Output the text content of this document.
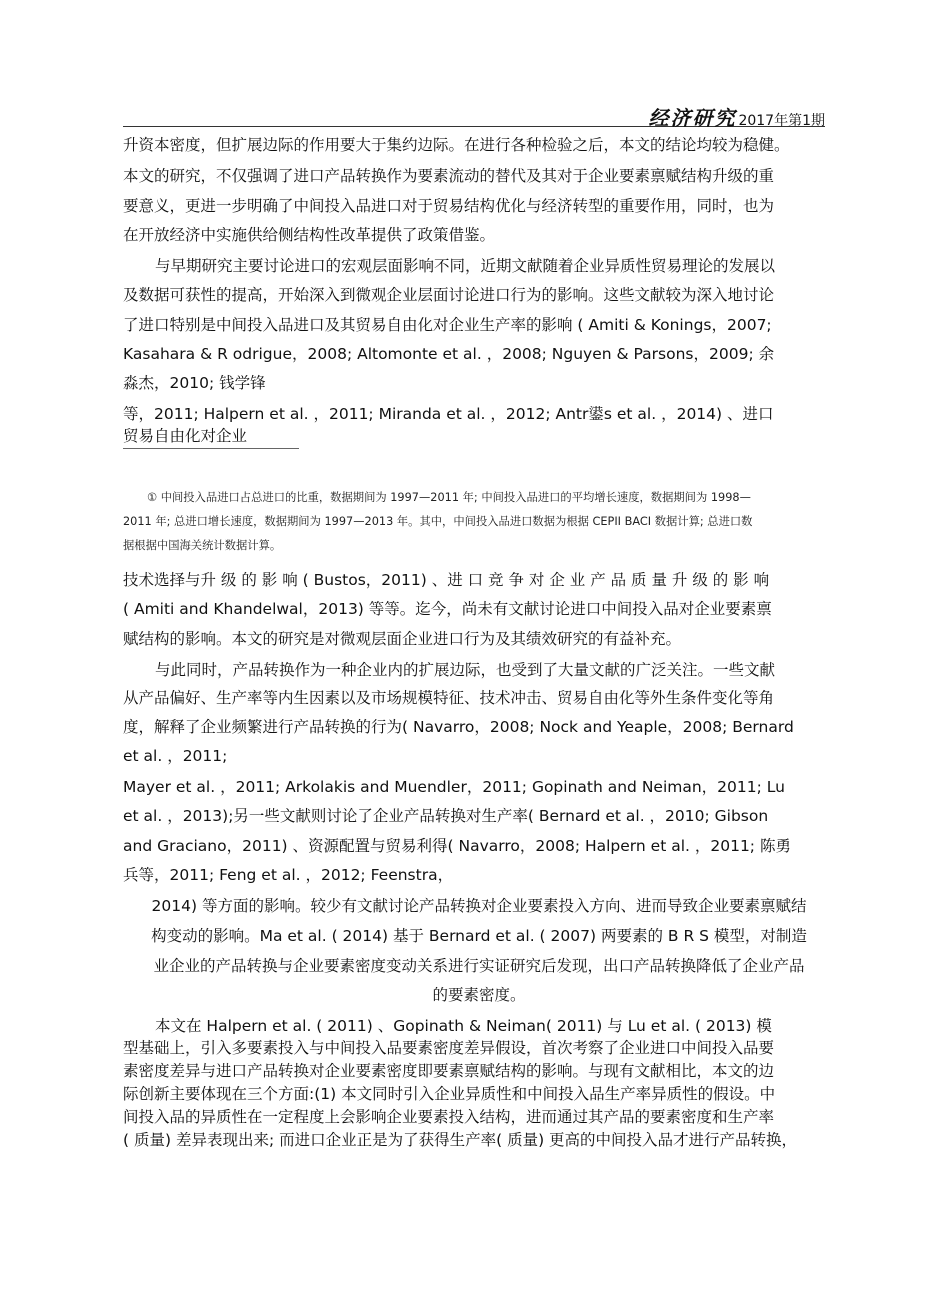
经济研究 2017年第1期
升资本密度，但扩展边际的作用要大于集约边际。在进行各种检验之后，本文的结论均较为稳健。
本文的研究，不仅强调了进口产品转换作为要素流动的替代及其对于企业要素禀赋结构升级的重
要意义，更进一步明确了中间投入品进口对于贸易结构优化与经济转型的重要作用，同时，也为
在开放经济中实施供给侧结构性改革提供了政策借鉴。
与早期研究主要讨论进口的宏观层面影响不同，近期文献随着企业异质性贸易理论的发展以
及数据可获性的提高，开始深入到微观企业层面讨论进口行为的影响。这些文献较为深入地讨论
了进口特别是中间投入品进口及其贸易自由化对企业生产率的影响 ( Amiti & Konings，2007;
Kasahara & R odrigue，2008; Altomonte et al. ，2008; Nguyen & Parsons，2009; 余
淼杰，2010; 钱学锋
等，2011; Halpern et al. ，2011; Miranda et al. ，2012; Antr鍙s et al. ，2014) 、进口
贸易自由化对企业
① 中间投入品进口占总进口的比重，数据期间为 1997—2011 年; 中间投入品进口的平均增长速度，数据期间为 1998—
2011 年; 总进口增长速度，数据期间为 1997—2013 年。其中，中间投入品进口数据为根据 CEPII BACI 数据计算; 总进口数
据根据中国海关统计数据计算。
技术选择与升 级 的 影 响 ( Bustos，2011) 、进 口 竞 争 对 企 业 产 品 质 量 升 级 的 影 响
( Amiti and Khandelwal，2013) 等等。迄今，尚未有文献讨论进口中间投入品对企业要素禀
赋结构的影响。本文的研究是对微观层面企业进口行为及其绩效研究的有益补充。
与此同时，产品转换作为一种企业内的扩展边际，也受到了大量文献的广泛关注。一些文献
从产品偏好、生产率等内生因素以及市场规模特征、技术冲击、贸易自由化等外生条件变化等角
度，解释了企业频繁进行产品转换的行为( Navarro，2008; Nock and Yeaple，2008; Bernard
et al. ，2011;
Mayer et al. ，2011; Arkolakis and Muendler，2011; Gopinath and Neiman，2011; Lu
et al. ，2013);另一些文献则讨论了企业产品转换对生产率( Bernard et al. ，2010; Gibson
and Graciano，2011) 、资源配置与贸易利得( Navarro，2008; Halpern et al. ，2011; 陈勇
兵等，2011; Feng et al. ，2012; Feenstra，
2014) 等方面的影响。较少有文献讨论产品转换对企业要素投入方向、进而导致企业要素禀赋结
构变动的影响。Ma et al. ( 2014) 基于 Bernard et al. ( 2007) 两要素的 B R S 模型，对制造
业企业的产品转换与企业要素密度变动关系进行实证研究后发现，出口产品转换降低了企业产品
的要素密度。
本文在 Halpern et al. ( 2011) 、Gopinath & Neiman( 2011) 与 Lu et al. ( 2013) 模
型基础上，引入多要素投入与中间投入品要素密度差异假设，首次考察了企业进口中间投入品要
素密度差异与进口产品转换对企业要素密度即要素禀赋结构的影响。与现有文献相比，本文的边
际创新主要体现在三个方面:(1) 本文同时引入企业异质性和中间投入品生产率异质性的假设。中
间投入品的异质性在一定程度上会影响企业要素投入结构，进而通过其产品的要素密度和生产率
( 质量) 差异表现出来; 而进口企业正是为了获得生产率( 质量) 更高的中间投入品才进行产品转换，
